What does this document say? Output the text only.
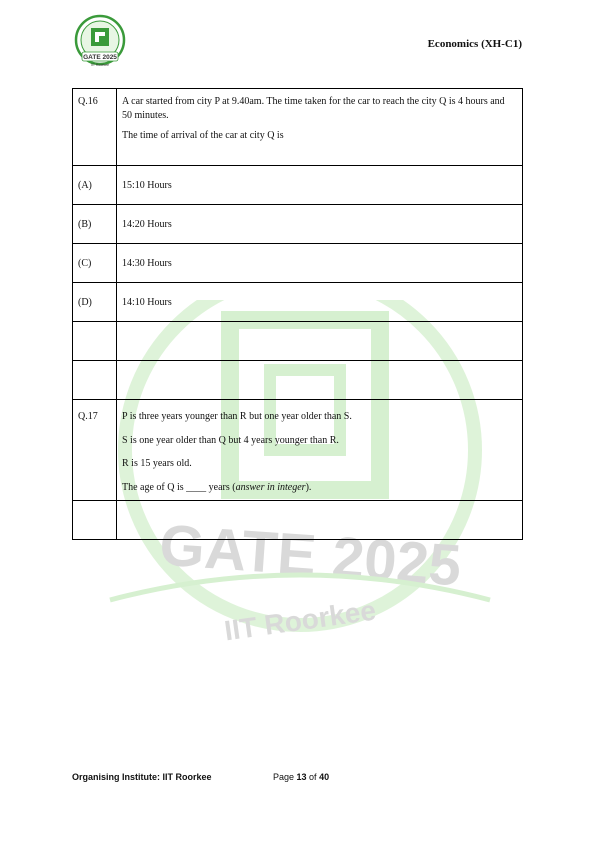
GATE 2025
IIT Roorkee
Economics (XH-C1)
GATE 2025
IIT Roorkee
Q.16	A car started from city P at 9.40am. The time taken for the car to reach the city Q is 4 hours and 50 minutes.

The time of arrival of the car at city Q is

(A)	15:10 Hours

(B)	14:20 Hours

(C)	14:30 Hours

(D)	14:10 Hours

Q.17	P is three years younger than R but one year older than S.

S is one year older than Q but 4 years younger than R.

R is 15 years old.

The age of Q is ____ years (answer in integer).

Organising Institute: IIT Roorkee	Page 13 of 40
